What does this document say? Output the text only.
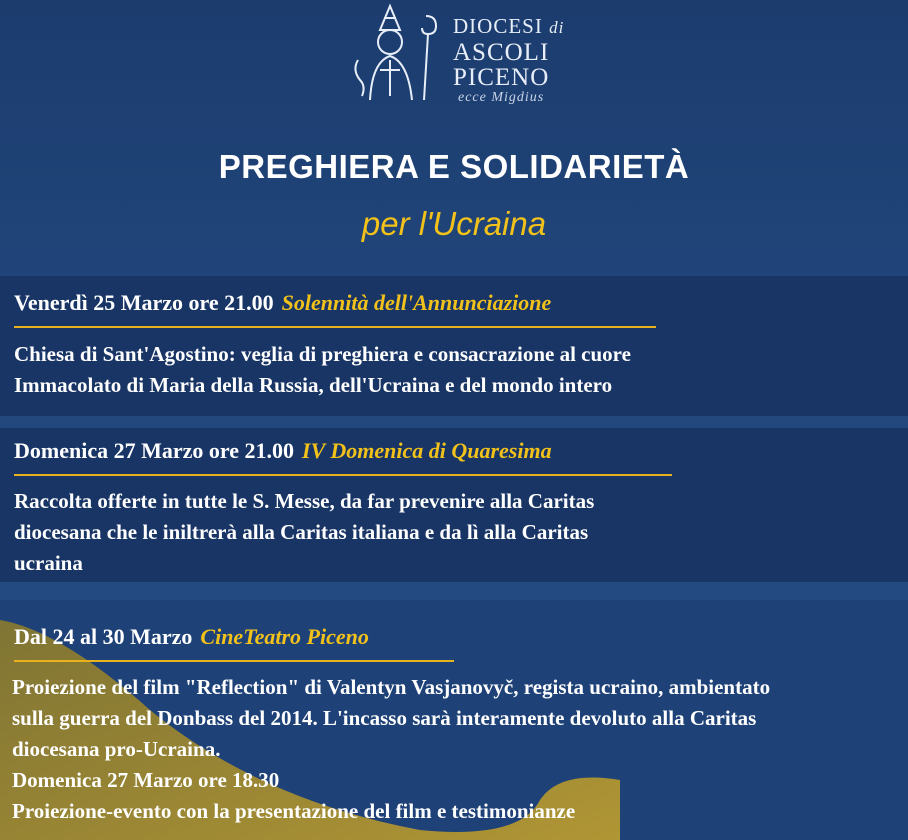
DIOCESI di
ASCOLI
PICENO
ecce Migdius
PREGHIERA E SOLIDARIETÀ
per l'Ucraina
Venerdì 25 Marzo ore 21.00 Solennità dell'Annunciazione
Chiesa di Sant'Agostino: veglia di preghiera e consacrazione al cuore
Immacolato di Maria della Russia, dell'Ucraina e del mondo intero
Domenica 27 Marzo ore 21.00 IV Domenica di Quaresima
Raccolta offerte in tutte le S. Messe, da far prevenire alla Caritas
diocesana che le iniltrerà alla Caritas italiana e da lì alla Caritas
ucraina
Dal 24 al 30 Marzo CineTeatro Piceno
Proiezione del film "Reflection" di Valentyn Vasjanovyč, regista ucraino, ambientato
sulla guerra del Donbass del 2014. L'incasso sarà interamente devoluto alla Caritas
diocesana pro-Ucraina.
Domenica 27 Marzo ore 18.30
Proiezione-evento con la presentazione del film e testimonianze
